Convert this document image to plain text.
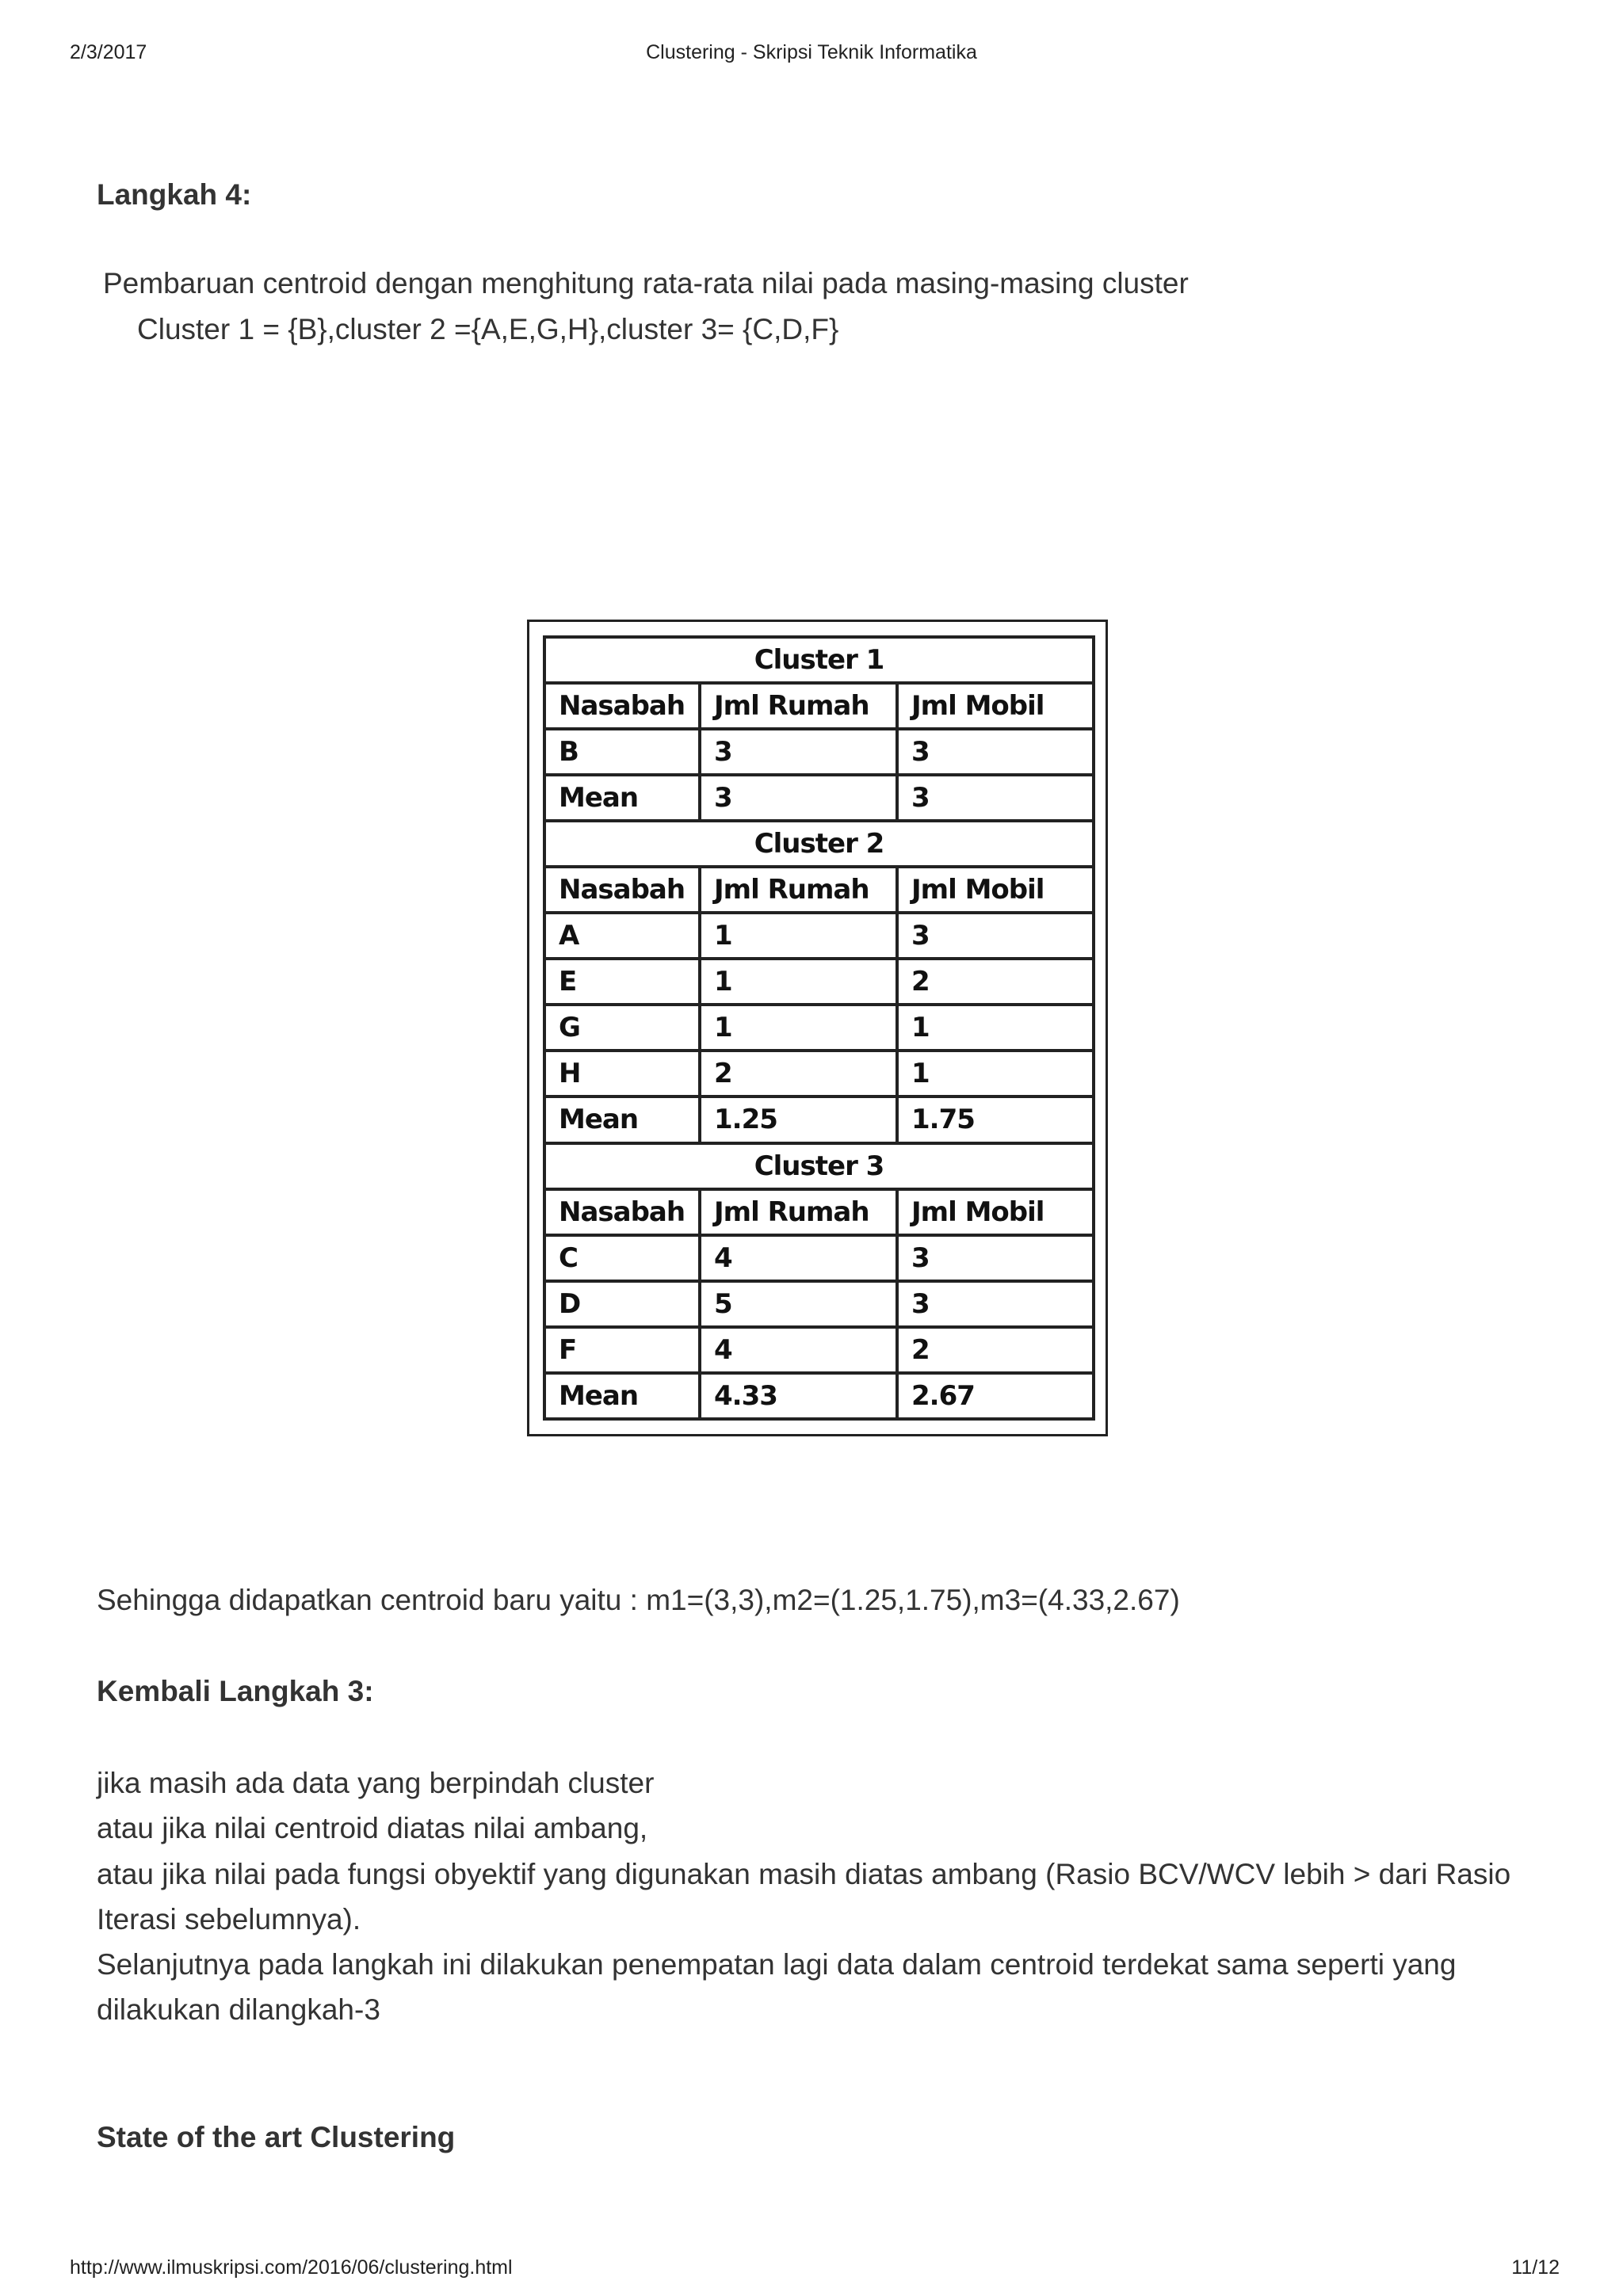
2/3/2017	Clustering - Skripsi Teknik Informatika
Langkah 4:
Pembaruan centroid dengan menghitung rata-rata nilai pada masing-masing cluster
Cluster 1 = {B},cluster 2 ={A,E,G,H},cluster 3= {C,D,F}
Cluster 1		
Nasabah	Jml Rumah	Jml Mobil
B	3	3
Mean	3	3
Cluster 2		
Nasabah	Jml Rumah	Jml Mobil
A	1	3
E	1	2
G	1	1
H	2	1
Mean	1.25	1.75
Cluster 3		
Nasabah	Jml Rumah	Jml Mobil
C	4	3
D	5	3
F	4	2
Mean	4.33	2.67
Sehingga didapatkan centroid baru yaitu : m1=(3,3),m2=(1.25,1.75),m3=(4.33,2.67)
Kembali Langkah 3:
jika masih ada data yang berpindah cluster
atau jika nilai centroid diatas nilai ambang,
atau jika nilai pada fungsi obyektif yang digunakan masih diatas ambang (Rasio BCV/WCV lebih > dari Rasio
Iterasi sebelumnya).
Selanjutnya pada langkah ini dilakukan penempatan lagi data dalam centroid terdekat sama seperti yang
dilakukan dilangkah-3
State of the art Clustering
http://www.ilmuskripsi.com/2016/06/clustering.html	11/12
